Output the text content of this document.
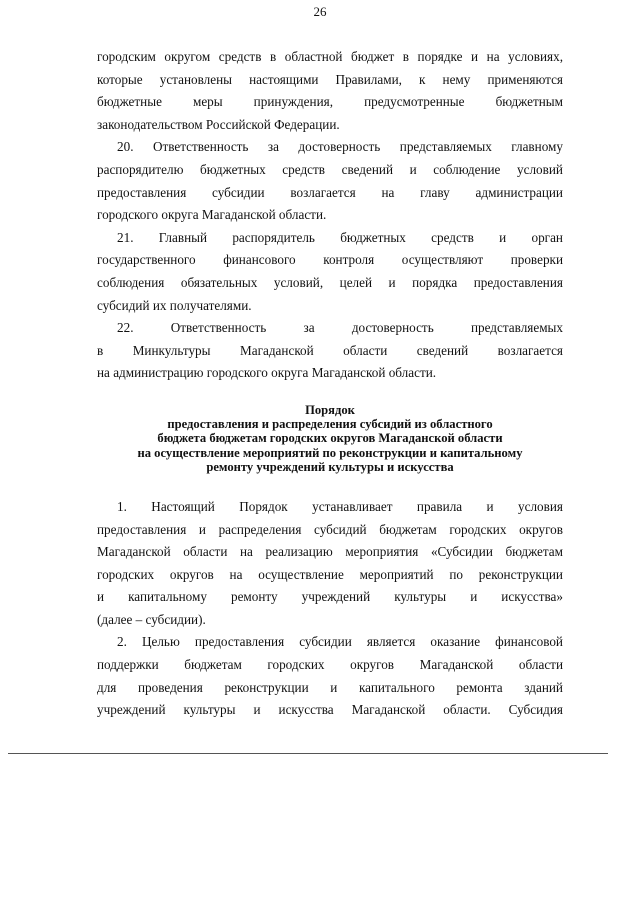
26
городским округом средств в областной бюджет в порядке и на условиях,
которые установлены настоящими Правилами, к нему применяются
бюджетные меры принуждения, предусмотренные бюджетным
законодательством Российской Федерации.
20. Ответственность за достоверность представляемых главному
распорядителю бюджетных средств сведений и соблюдение условий
предоставления субсидии возлагается на главу администрации
городского округа Магаданской области.
21. Главный распорядитель бюджетных средств и орган
государственного финансового контроля осуществляют проверки
соблюдения обязательных условий, целей и порядка предоставления
субсидий их получателями.
22. Ответственность за достоверность представляемых
в Минкультуры Магаданской области сведений возлагается
на администрацию городского округа Магаданской области.
Порядок
предоставления и распределения субсидий из областного
бюджета бюджетам городских округов Магаданской области
на осуществление мероприятий по реконструкции и капитальному
ремонту учреждений культуры и искусства
1. Настоящий Порядок устанавливает правила и условия
предоставления и распределения субсидий бюджетам городских округов
Магаданской области на реализацию мероприятия «Субсидии бюджетам
городских округов на осуществление мероприятий по реконструкции
и капитальному ремонту учреждений культуры и искусства»
(далее – субсидии).
2. Целью предоставления субсидии является оказание финансовой
поддержки бюджетам городских округов Магаданской области
для проведения реконструкции и капитального ремонта зданий
учреждений культуры и искусства Магаданской области. Субсидия
